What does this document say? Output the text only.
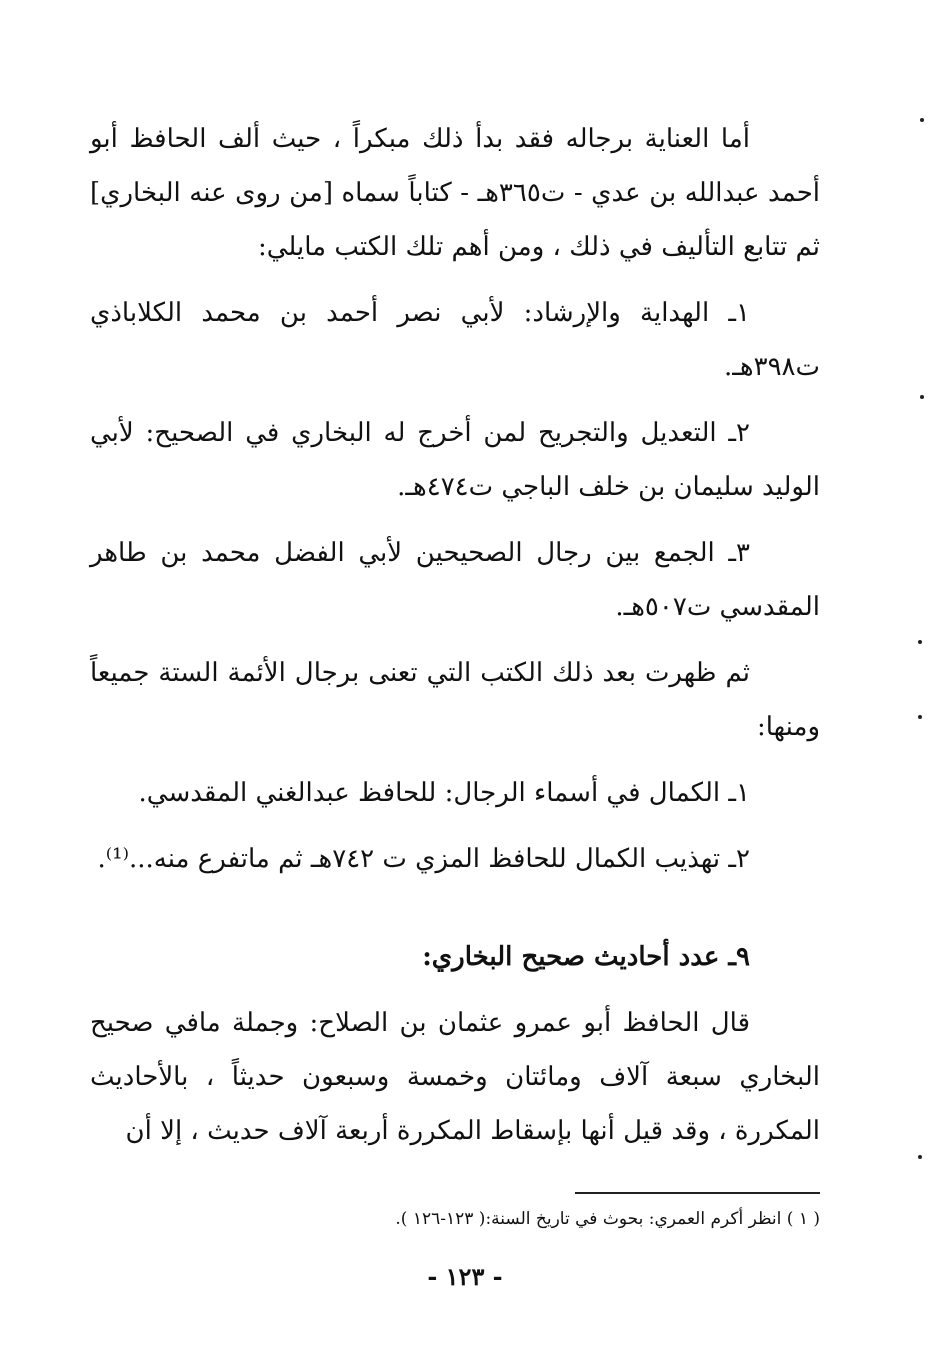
أما العناية برجاله فقد بدأ ذلك مبكراً ، حيث ألف الحافظ أبو أحمد عبدالله بن عدي - ت٣٦٥هـ - كتاباً سماه [من روى عنه البخاري] ثم تتابع التأليف في ذلك ، ومن أهم تلك الكتب مايلي:

١ـ الهداية والإرشاد: لأبي نصر أحمد بن محمد الكلاباذي ت٣٩٨هـ.

٢ـ التعديل والتجريح لمن أخرج له البخاري في الصحيح: لأبي الوليد سليمان بن خلف الباجي ت٤٧٤هـ.

٣ـ الجمع بين رجال الصحيحين لأبي الفضل محمد بن طاهر المقدسي ت٥٠٧هـ.

ثم ظهرت بعد ذلك الكتب التي تعنى برجال الأئمة الستة جميعاً ومنها:

١ـ الكمال في أسماء الرجال: للحافظ عبدالغني المقدسي.

٢ـ تهذيب الكمال للحافظ المزي ت ٧٤٢هـ ثم ماتفرع منه...⁽¹⁾.

٩ـ عدد أحاديث صحيح البخاري:

قال الحافظ أبو عمرو عثمان بن الصلاح: وجملة مافي صحيح البخاري سبعة آلاف ومائتان وخمسة وسبعون حديثاً ، بالأحاديث المكررة ، وقد قيل أنها بإسقاط المكررة أربعة آلاف حديث ، إلا أن

( ١ ) انظر أكرم العمري: بحوث في تاريخ السنة:( ١٢٣-١٢٦ ).
- ١٢٣ -
